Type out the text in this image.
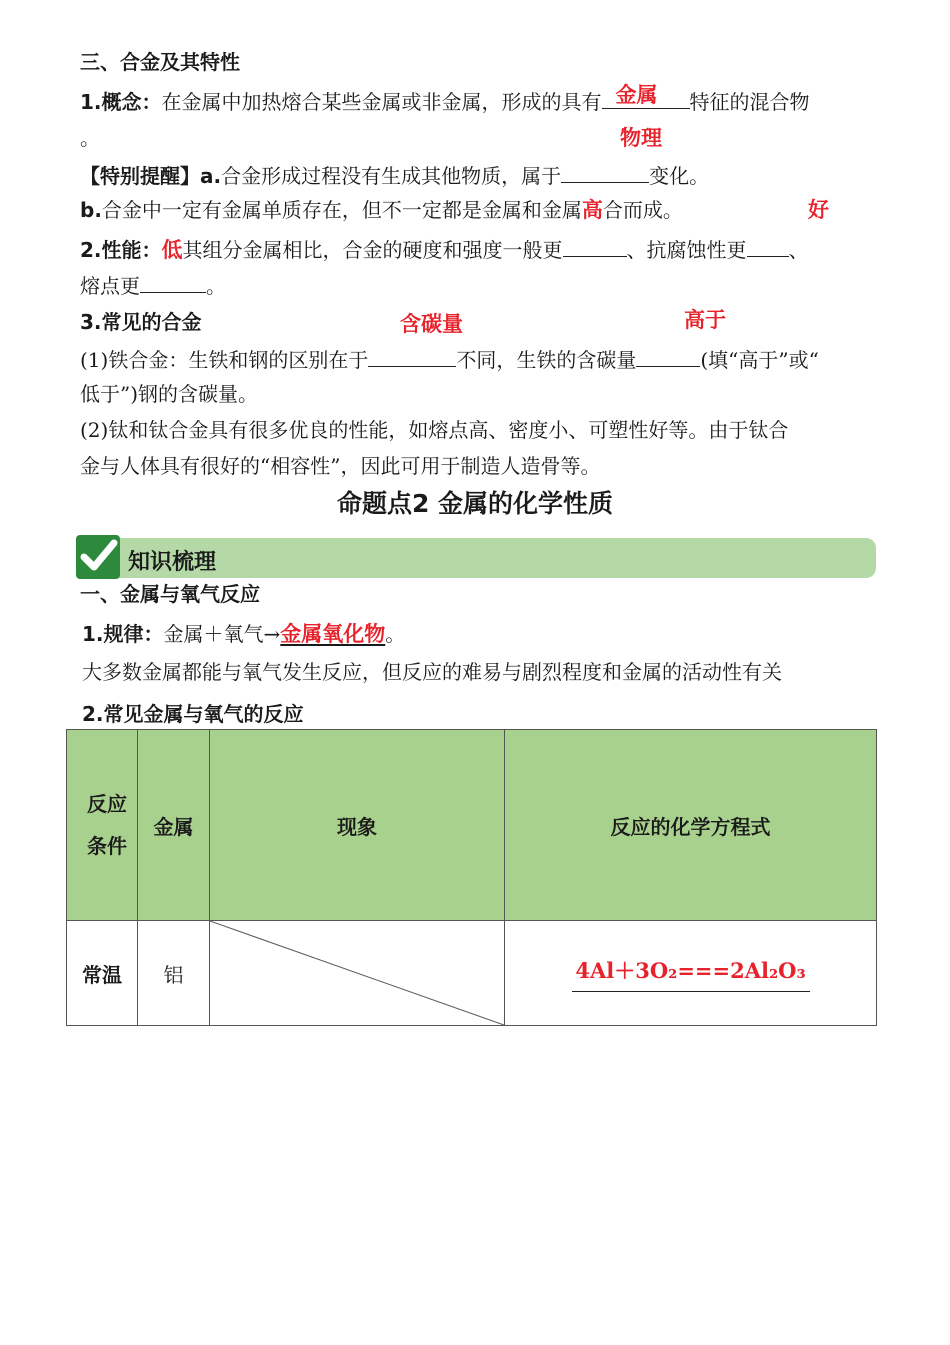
三、合金及其特性
1.概念：在金属中加热熔合某些金属或非金属，形成的具有 金属 特征的混合物
。	物理
【特别提醒】a.合金形成过程没有生成其他物质，属于	变化。
b.合金中一定有金属单质存在，但不一定都是金属和金属高合而成。	好
2.性能：低其组分金属相比，合金的硬度和强度一般更	、抗腐蚀性更 、
熔点更	。
3.常见的合金	含碳量	高于
(1)铁合金：生铁和钢的区别在于	不同，生铁的含碳量	(填“高于”或“
低于”)钢的含碳量。
(2)钛和钛合金具有很多优良的性能，如熔点高、密度小、可塑性好等。由于钛合
金与人体具有很好的“相容性”，因此可用于制造人造骨等。
命题点2 金属的化学性质
知识梳理
一、金属与氧气反应
1.规律：金属＋氧气→金属氧化物。
大多数金属都能与氧气发生反应，但反应的难易与剧烈程度和金属的活动性有关
2.常见金属与氧气的反应
反应
条件	金属	现象	反应的化学方程式
常温	铝		4Al＋3O₂===2Al₂O₃
